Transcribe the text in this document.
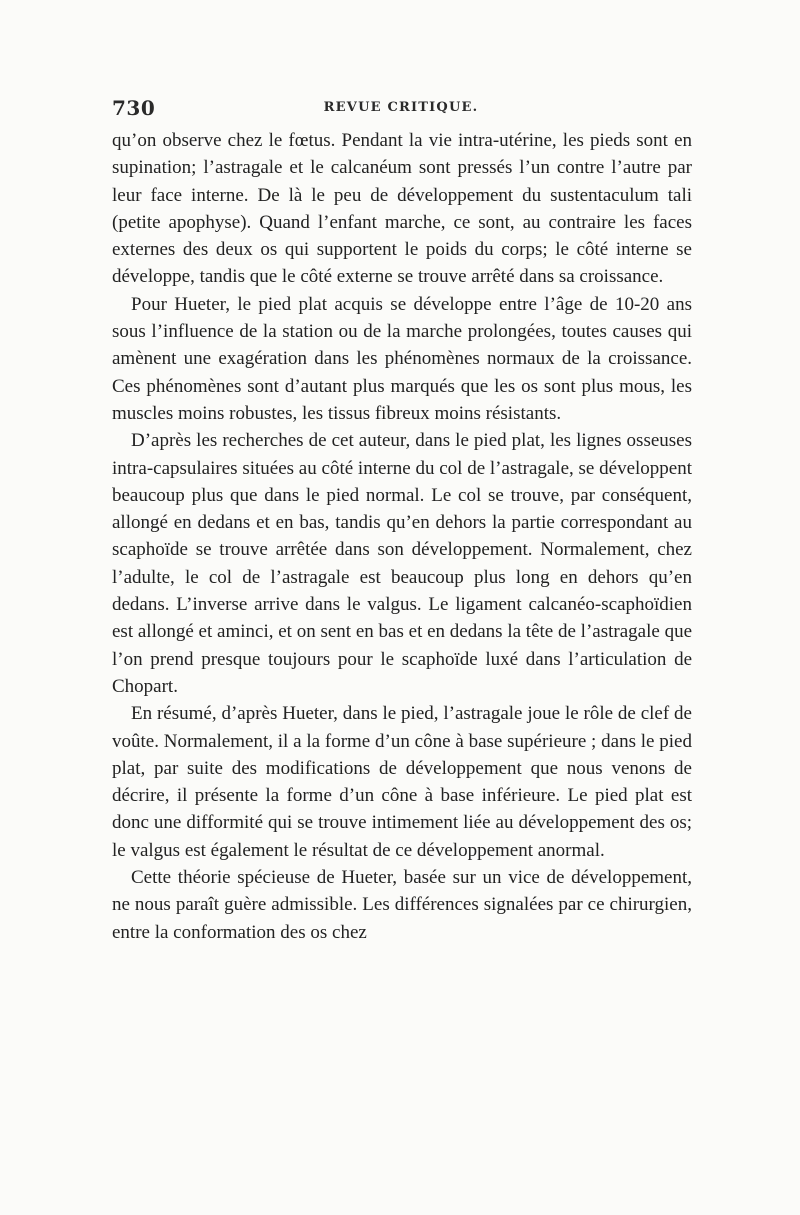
730	REVUE CRITIQUE.

qu’on observe chez le fœtus. Pendant la vie intra-utérine, les pieds sont en supination; l’astragale et le calcanéum sont pressés l’un contre l’autre par leur face interne. De là le peu de développement du sustentaculum tali (petite apophyse). Quand l’enfant marche, ce sont, au contraire les faces externes des deux os qui supportent le poids du corps; le côté interne se développe, tandis que le côté externe se trouve arrêté dans sa croissance.

Pour Hueter, le pied plat acquis se développe entre l’âge de 10-20 ans sous l’influence de la station ou de la marche prolongées, toutes causes qui amènent une exagération dans les phénomènes normaux de la croissance. Ces phénomènes sont d’autant plus marqués que les os sont plus mous, les muscles moins robustes, les tissus fibreux moins résistants.

D’après les recherches de cet auteur, dans le pied plat, les lignes osseuses intra-capsulaires situées au côté interne du col de l’astragale, se développent beaucoup plus que dans le pied normal. Le col se trouve, par conséquent, allongé en dedans et en bas, tandis qu’en dehors la partie correspondant au scaphoïde se trouve arrêtée dans son développement. Normalement, chez l’adulte, le col de l’astragale est beaucoup plus long en dehors qu’en dedans. L’inverse arrive dans le valgus. Le ligament calcanéo-scaphoïdien est allongé et aminci, et on sent en bas et en dedans la tête de l’astragale que l’on prend presque toujours pour le scaphoïde luxé dans l’articulation de Chopart.

En résumé, d’après Hueter, dans le pied, l’astragale joue le rôle de clef de voûte. Normalement, il a la forme d’un cône à base supérieure ; dans le pied plat, par suite des modifications de développement que nous venons de décrire, il présente la forme d’un cône à base inférieure. Le pied plat est donc une difformité qui se trouve intimement liée au développement des os; le valgus est également le résultat de ce développement anormal.

Cette théorie spécieuse de Hueter, basée sur un vice de développement, ne nous paraît guère admissible. Les différences signalées par ce chirurgien, entre la conformation des os chez
